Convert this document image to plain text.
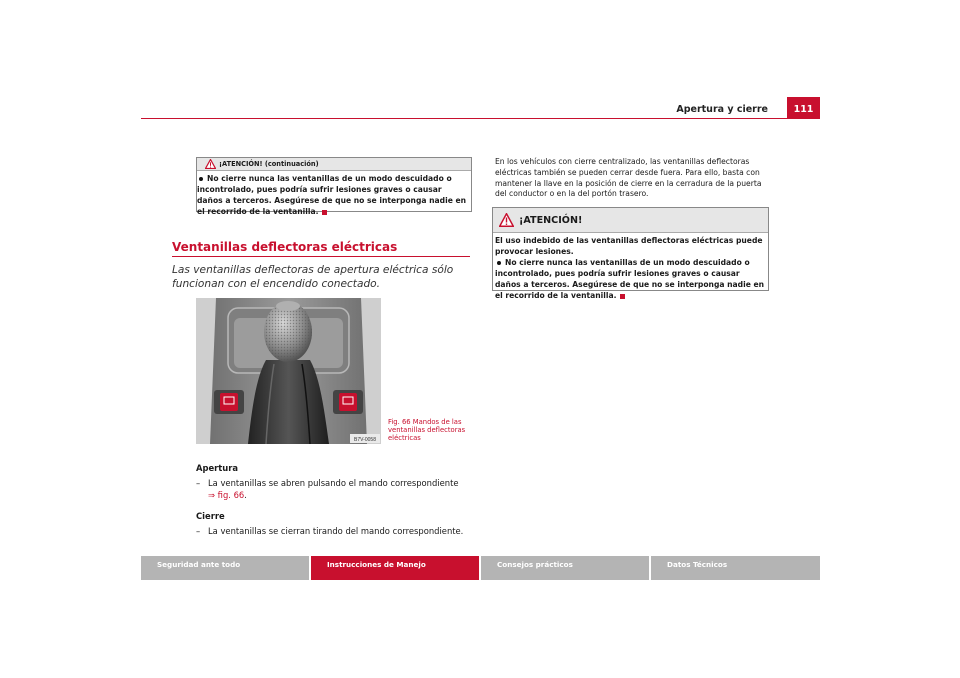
Apertura y cierre	111
¡ATENCIÓN! (continuación)
No cierre nunca las ventanillas de un modo descuidado o incontrolado, pues podría sufrir lesiones graves o causar daños a terceros. Asegúrese de que no se interponga nadie en el recorrido de la ventanilla.
Ventanillas deflectoras eléctricas
Las ventanillas deflectoras de apertura eléctrica sólo funcionan con el encendido conectado.
B7V-0058
Fig. 66 Mandos de las ventanillas deflectoras eléctricas
Apertura
– La ventanillas se abren pulsando el mando correspondiente
⇒ fig. 66.
Cierre
– La ventanillas se cierran tirando del mando correspondiente.
En los vehículos con cierre centralizado, las ventanillas deflectoras eléctricas también se pueden cerrar desde fuera. Para ello, basta con mantener la llave en la posición de cierre en la cerradura de la puerta del conductor o en la del portón trasero.
¡ATENCIÓN!
El uso indebido de las ventanillas deflectoras eléctricas puede provocar lesiones.
No cierre nunca las ventanillas de un modo descuidado o incontrolado, pues podría sufrir lesiones graves o causar daños a terceros. Asegúrese de que no se interponga nadie en el recorrido de la ventanilla.
Seguridad ante todo	Instrucciones de Manejo	Consejos prácticos	Datos Técnicos
